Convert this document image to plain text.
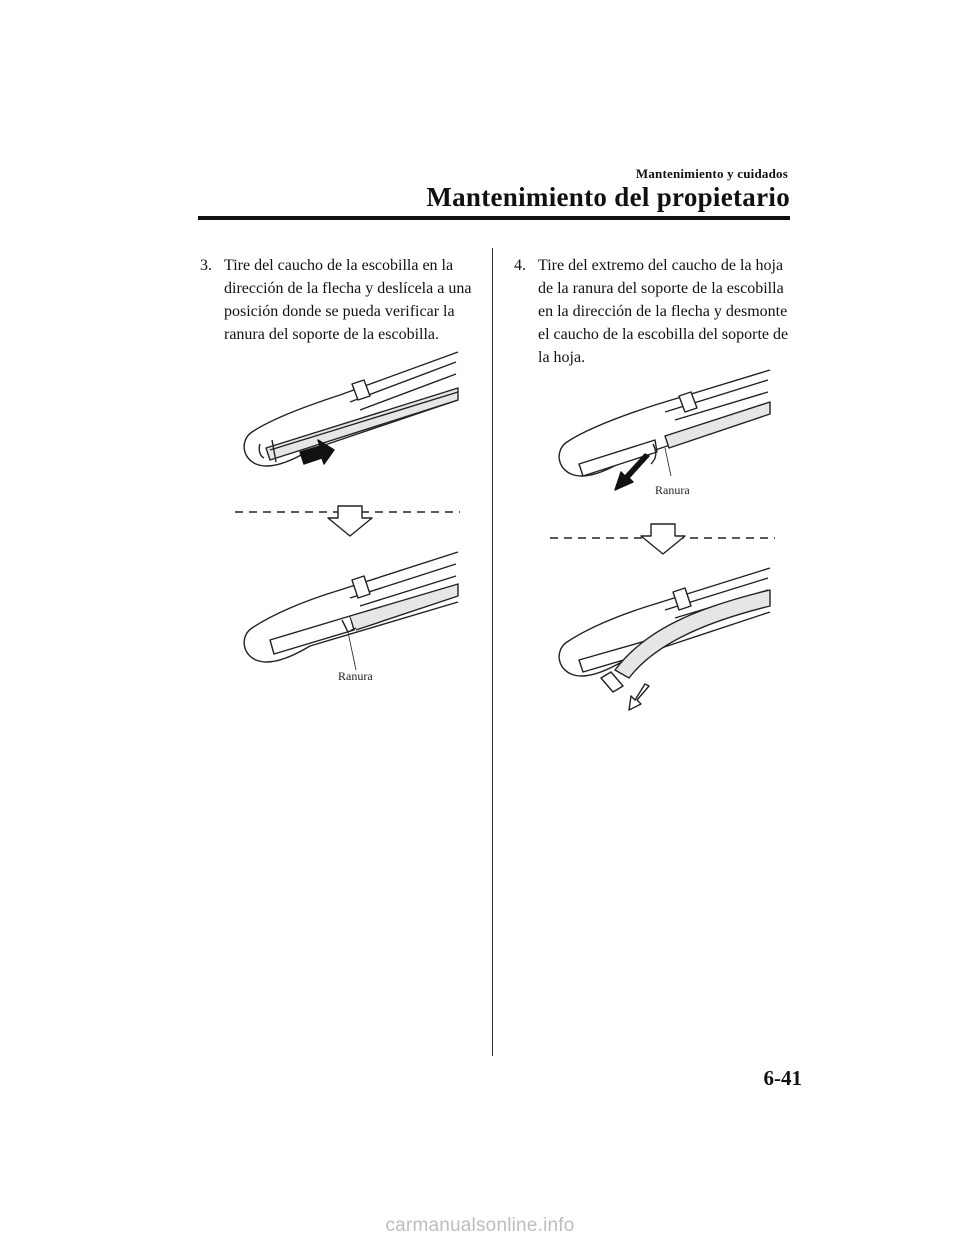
Mantenimiento y cuidados
Mantenimiento del propietario
3. Tire del caucho de la escobilla en la
dirección de la flecha y deslícela a una
posición donde se pueda verificar la
ranura del soporte de la escobilla.
4. Tire del extremo del caucho de la hoja
de la ranura del soporte de la escobilla
en la dirección de la flecha y desmonte
el caucho de la escobilla del soporte de
la hoja.
Ranura
Ranura
6-41
carmanualsonline.info
